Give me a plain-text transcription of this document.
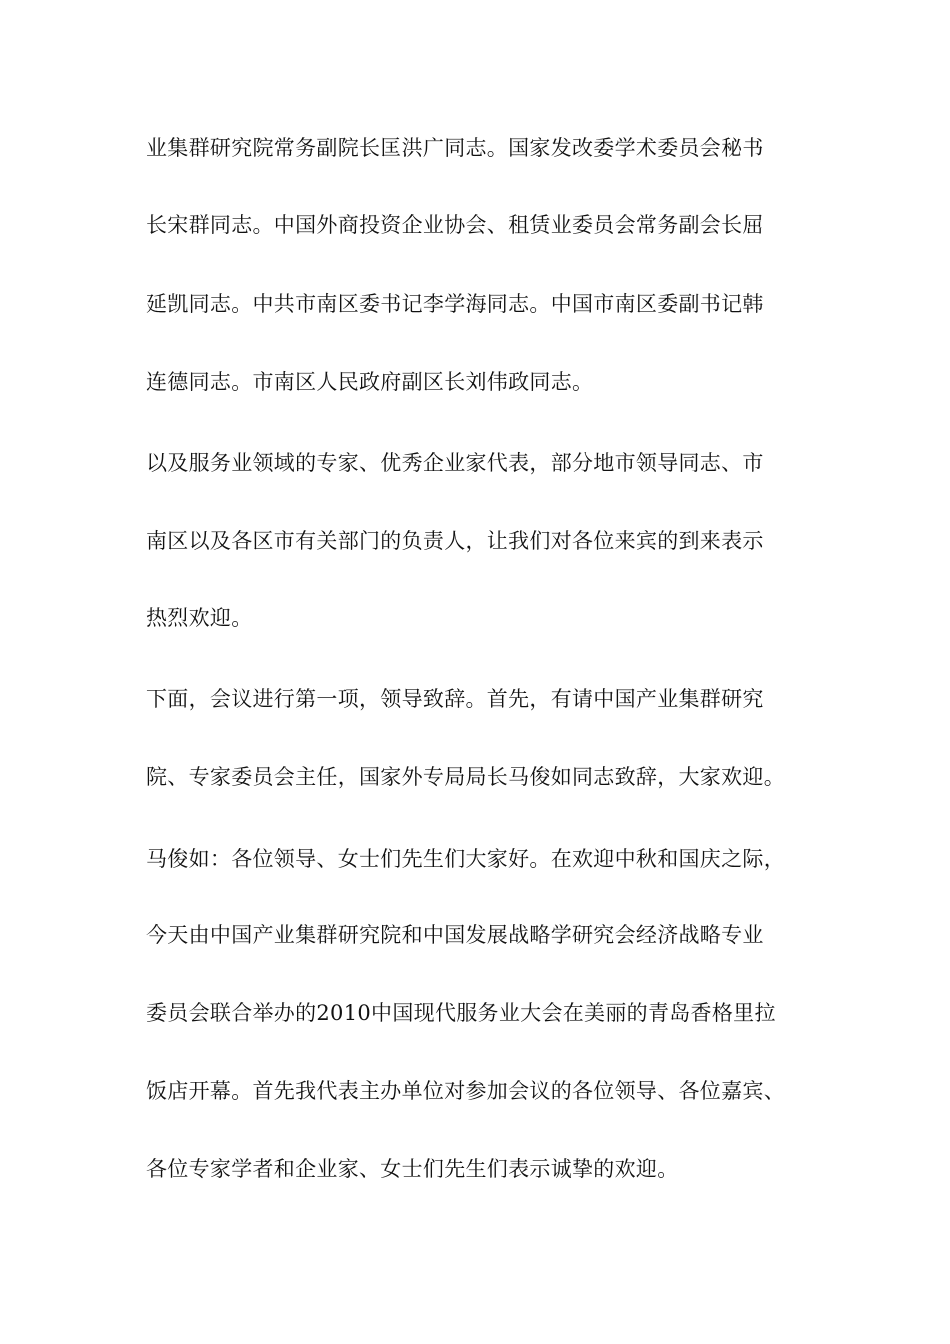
业集群研究院常务副院长匡洪广同志。国家发改委学术委员会秘书
长宋群同志。中国外商投资企业协会、租赁业委员会常务副会长屈
延凯同志。中共市南区委书记李学海同志。中国市南区委副书记韩
连德同志。市南区人民政府副区长刘伟政同志。
以及服务业领域的专家、优秀企业家代表，部分地市领导同志、市
南区以及各区市有关部门的负责人，让我们对各位来宾的到来表示
热烈欢迎。
下面，会议进行第一项，领导致辞。首先，有请中国产业集群研究
院、专家委员会主任，国家外专局局长马俊如同志致辞，大家欢迎。
马俊如：各位领导、女士们先生们大家好。在欢迎中秋和国庆之际，
今天由中国产业集群研究院和中国发展战略学研究会经济战略专业
委员会联合举办的2010中国现代服务业大会在美丽的青岛香格里拉
饭店开幕。首先我代表主办单位对参加会议的各位领导、各位嘉宾、
各位专家学者和企业家、女士们先生们表示诚挚的欢迎。
